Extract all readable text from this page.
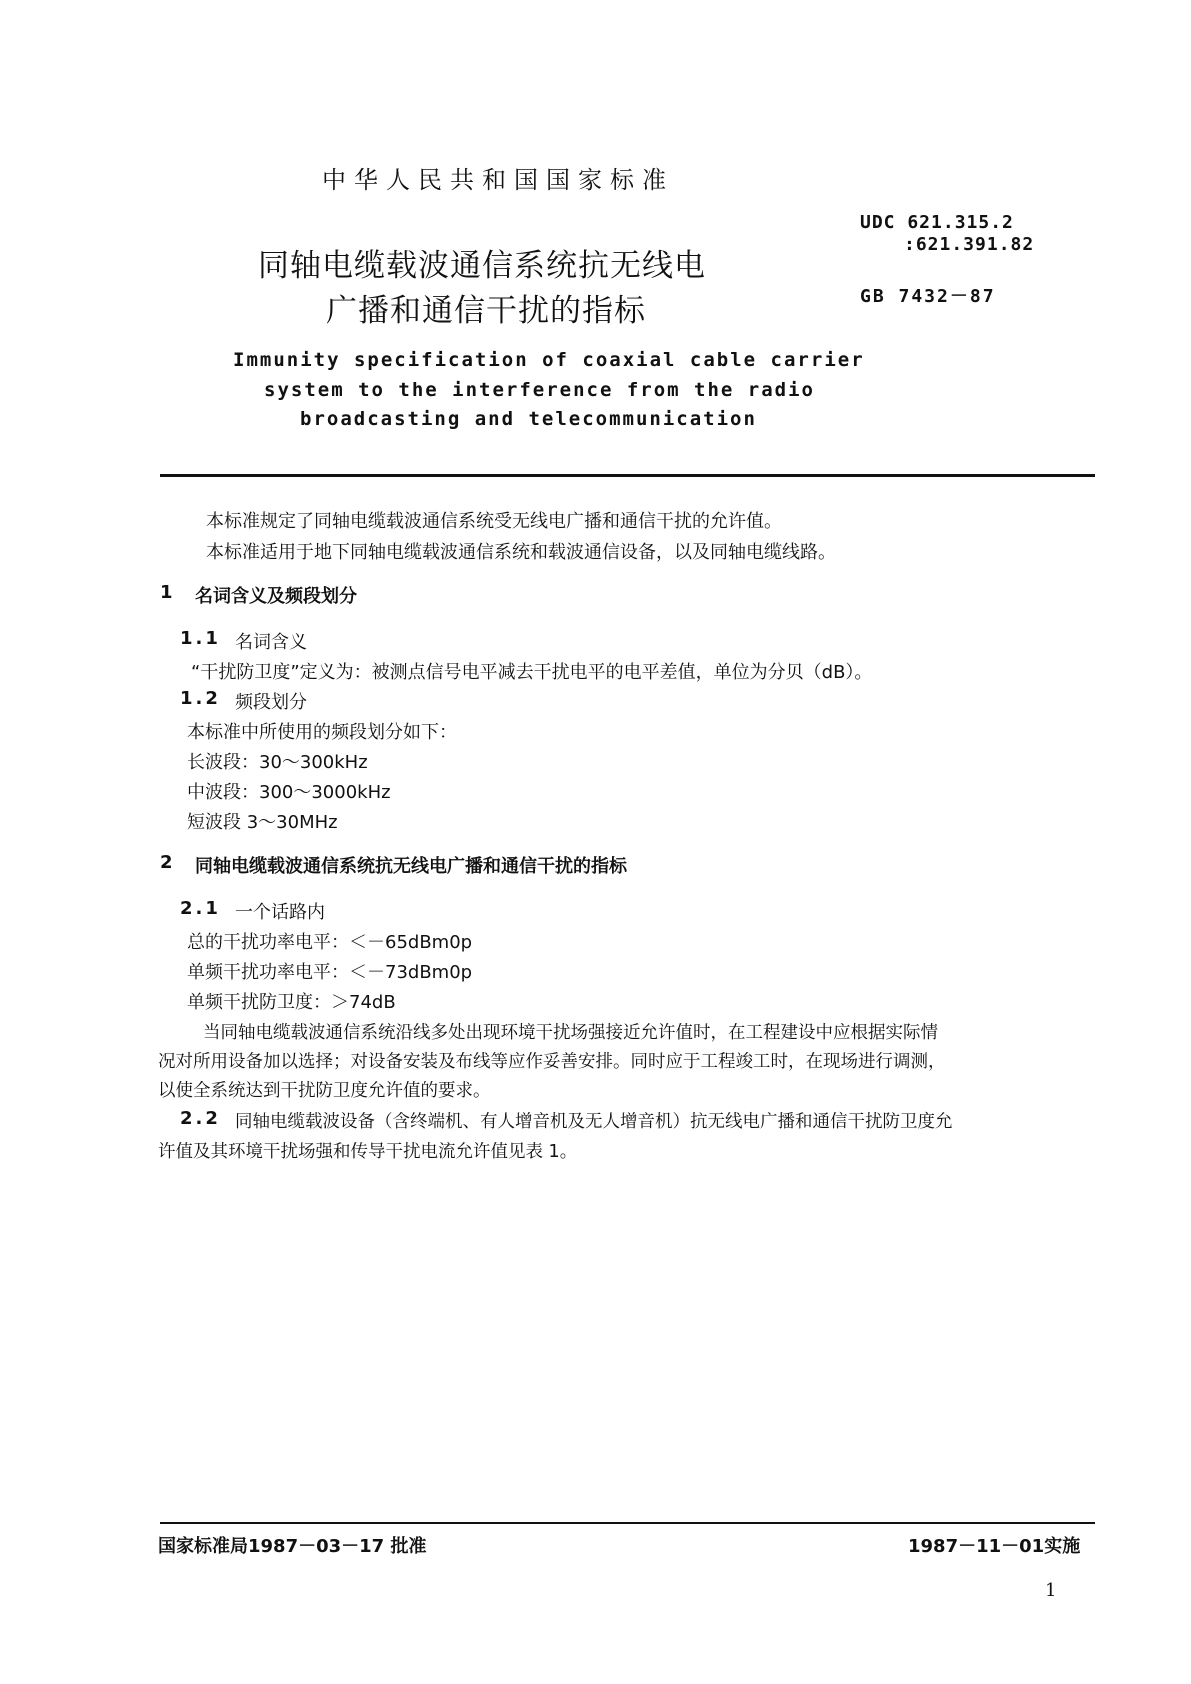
中华人民共和国国家标准
同轴电缆载波通信系统抗无线电
广播和通信干扰的指标
UDC 621.315.2
:621.391.82
GB 7432－87
Immunity specification of coaxial cable carrier
system to the interference from the radio
broadcasting and telecommunication
本标准规定了同轴电缆载波通信系统受无线电广播和通信干扰的允许值。
本标准适用于地下同轴电缆载波通信系统和载波通信设备，以及同轴电缆线路。
1 名词含义及频段划分
1.1 名词含义
“干扰防卫度”定义为：被测点信号电平减去干扰电平的电平差值，单位为分贝（dB）。
1.2 频段划分
本标准中所使用的频段划分如下：
长波段：30～300kHz
中波段：300～3000kHz
短波段 3～30MHz
2 同轴电缆载波通信系统抗无线电广播和通信干扰的指标
2.1 一个话路内
总的干扰功率电平：＜－65dBm0p
单频干扰功率电平：＜－73dBm0p
单频干扰防卫度：＞74dB
当同轴电缆载波通信系统沿线多处出现环境干扰场强接近允许值时，在工程建设中应根据实际情
况对所用设备加以选择；对设备安装及布线等应作妥善安排。同时应于工程竣工时，在现场进行调测，
以使全系统达到干扰防卫度允许值的要求。
2.2 同轴电缆载波设备（含终端机、有人增音机及无人增音机）抗无线电广播和通信干扰防卫度允
许值及其环境干扰场强和传导干扰电流允许值见表 1。
国家标准局1987－03－17 批准	1987－11－01实施
1
